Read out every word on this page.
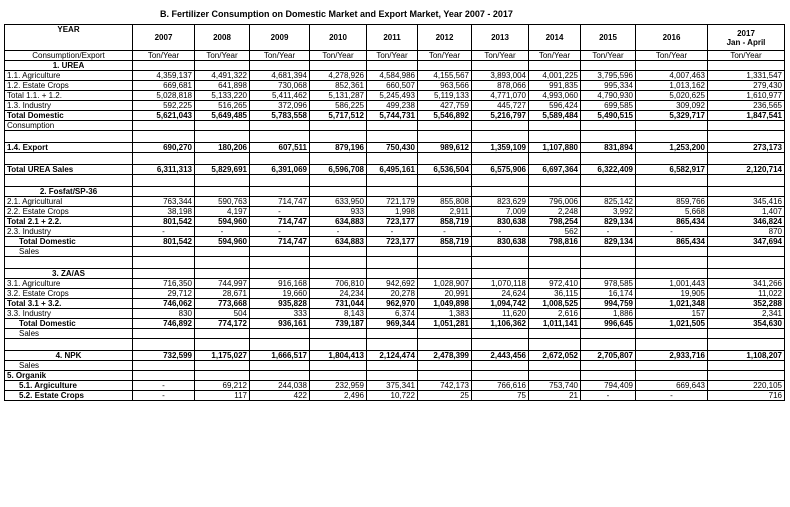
B. Fertilizer Consumption on Domestic Market and Export Market, Year 2007 - 2017
YEAR	2007	2008	2009	2010	2011	2012	2013	2014	2015	2016	2017
Jan - April

Consumption/Export	Ton/Year	Ton/Year	Ton/Year	Ton/Year	Ton/Year	Ton/Year	Ton/Year	Ton/Year	Ton/Year	Ton/Year	Ton/Year
1. UREA											
1.1. Agriculture	4,359,137	4,491,322	4,681,394	4,278,926	4,584,986	4,155,567	3,893,004	4,001,225	3,795,596	4,007,463	1,331,547
1.2. Estate Crops	669,681	641,898	730,068	852,361	660,507	963,566	878,066	991,835	995,334	1,013,162	279,430
Total 1.1. + 1.2.	5,028,818	5,133,220	5,411,462	5,131,287	5,245,493	5,119,133	4,771,070	4,993,060	4,790,930	5,020,625	1,610,977
1.3. Industry	592,225	516,265	372,096	586,225	499,238	427,759	445,727	596,424	699,585	309,092	236,565
Total Domestic	5,621,043	5,649,485	5,783,558	5,717,512	5,744,731	5,546,892	5,216,797	5,589,484	5,490,515	5,329,717	1,847,541
Consumption											

1.4. Export	690,270	180,206	607,511	879,196	750,430	989,612	1,359,109	1,107,880	831,894	1,253,200	273,173

Total UREA Sales	6,311,313	5,829,691	6,391,069	6,596,708	6,495,161	6,536,504	6,575,906	6,697,364	6,322,409	6,582,917	2,120,714

2. Fosfat/SP-36											
2.1. Agricultural	763,344	590,763	714,747	633,950	721,179	855,808	823,629	796,006	825,142	859,766	345,416
2.2. Estate Crops	38,198	4,197	-	933	1,998	2,911	7,009	2,248	3,992	5,668	1,407
Total 2.1 + 2.2.	801,542	594,960	714,747	634,883	723,177	858,719	830,638	798,254	829,134	865,434	346,824
2.3. Industry	-	-	-	-	-	-	-	562	-	-	870
Total Domestic	801,542	594,960	714,747	634,883	723,177	858,719	830,638	798,816	829,134	865,434	347,694
Sales											

3. ZA/AS											
3.1. Agriculture	716,350	744,997	916,168	706,810	942,692	1,028,907	1,070,118	972,410	978,585	1,001,443	341,266
3.2. Estate Crops	29,712	28,671	19,660	24,234	20,278	20,991	24,624	36,115	16,174	19,905	11,022
Total 3.1 + 3.2.	746,062	773,668	935,828	731,044	962,970	1,049,898	1,094,742	1,008,525	994,759	1,021,348	352,288
3.3. Industry	830	504	333	8,143	6,374	1,383	11,620	2,616	1,886	157	2,341
Total Domestic	746,892	774,172	936,161	739,187	969,344	1,051,281	1,106,362	1,011,141	996,645	1,021,505	354,630
Sales											

4. NPK	732,599	1,175,027	1,666,517	1,804,413	2,124,474	2,478,399	2,443,456	2,672,052	2,705,807	2,933,716	1,108,207
Sales											
5. Organik											
5.1. Argiculture	-	69,212	244,038	232,959	375,341	742,173	766,616	753,740	794,409	669,643	220,105
5.2. Estate Crops	-	117	422	2,496	10,722	25	75	21	-	-	716
